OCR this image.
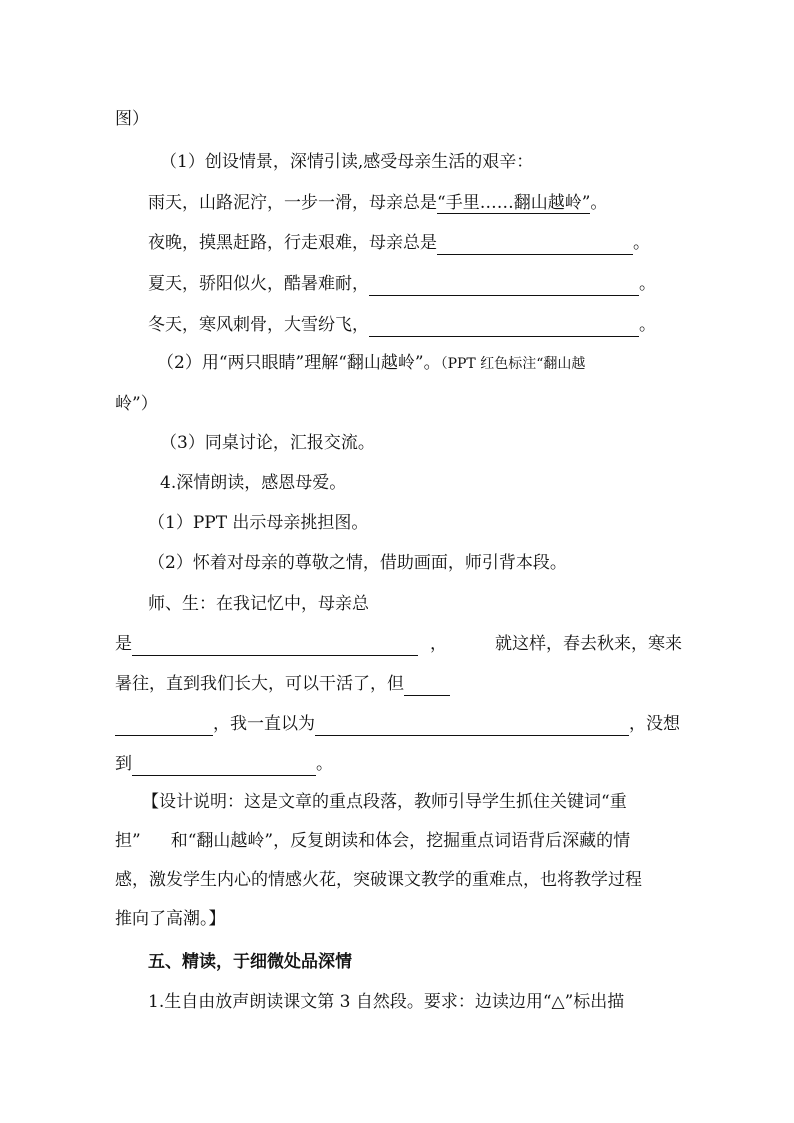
图）
（1）创设情景，深情引读,感受母亲生活的艰辛：
雨天，山路泥泞，一步一滑，母亲总是“手里……翻山越岭”。
夜晚，摸黑赶路，行走艰难，母亲总是	。
夏天，骄阳似火，酷暑难耐，	。
冬天，寒风刺骨，大雪纷飞，	。
（2）用“两只眼睛”理解“翻山越岭”。（PPT 红色标注“翻山越
岭”）
（3）同桌讨论，汇报交流。
4.深情朗读，感恩母爱。
（1）PPT 出示母亲挑担图。
（2）怀着对母亲的尊敬之情，借助画面，师引背本段。
师、生：在我记忆中，母亲总
是	，	就这样，春去秋来，寒来
暑往，直到我们长大，可以干活了，但
，我一直以为	，没想
到	。
【设计说明：这是文章的重点段落，教师引导学生抓住关键词“重
担” 和“翻山越岭”，反复朗读和体会，挖掘重点词语背后深藏的情
感，激发学生内心的情感火花，突破课文教学的重难点，也将教学过程
推向了高潮。】
五、精读，于细微处品深情
1.生自由放声朗读课文第 3 自然段。要求：边读边用“△”标出描
